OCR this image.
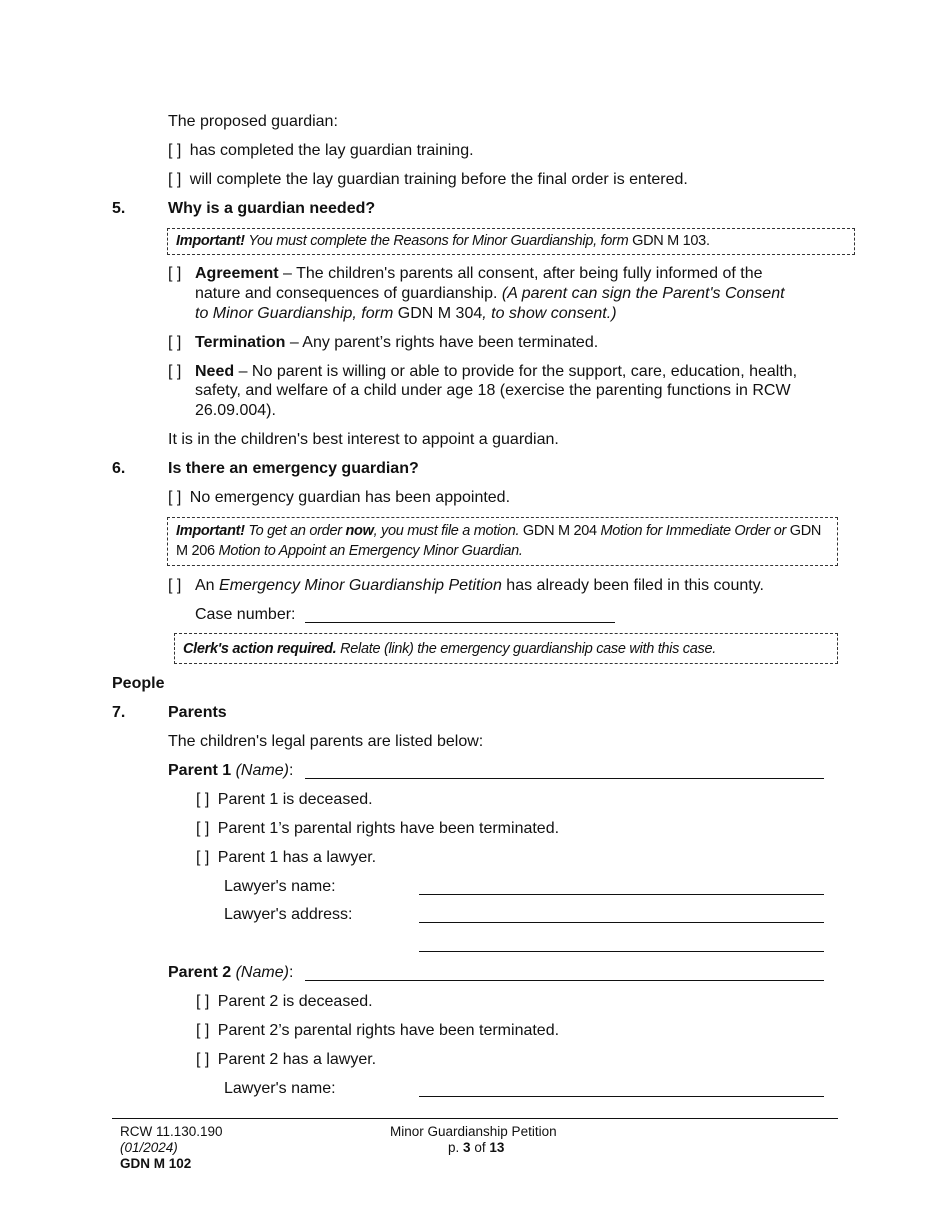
The proposed guardian:
[ ] has completed the lay guardian training.
[ ] will complete the lay guardian training before the final order is entered.
5.	Why is a guardian needed?
Important! You must complete the Reasons for Minor Guardianship, form GDN M 103.
[ ] Agreement – The children's parents all consent, after being fully informed of the
nature and consequences of guardianship. (A parent can sign the Parent's Consent
to Minor Guardianship, form GDN M 304, to show consent.)
[ ] Termination – Any parent’s rights have been terminated.
[ ] Need – No parent is willing or able to provide for the support, care, education, health,
safety, and welfare of a child under age 18 (exercise the parenting functions in RCW
26.09.004).
It is in the children's best interest to appoint a guardian.
6.	Is there an emergency guardian?
[ ] No emergency guardian has been appointed.
Important! To get an order now, you must file a motion. GDN M 204 Motion for Immediate Order or GDN
M 206 Motion to Appoint an Emergency Minor Guardian.
[ ] An Emergency Minor Guardianship Petition has already been filed in this county.
Case number:
Clerk's action required. Relate (link) the emergency guardianship case with this case.
People
7.	Parents
The children's legal parents are listed below:
Parent 1 (Name):
[ ] Parent 1 is deceased.
[ ] Parent 1’s parental rights have been terminated.
[ ] Parent 1 has a lawyer.
Lawyer's name:
Lawyer's address:
Parent 2 (Name):
[ ] Parent 2 is deceased.
[ ] Parent 2’s parental rights have been terminated.
[ ] Parent 2 has a lawyer.
Lawyer's name:
RCW 11.130.190
(01/2024)
GDN M 102
Minor Guardianship Petition
p. 3 of 13
